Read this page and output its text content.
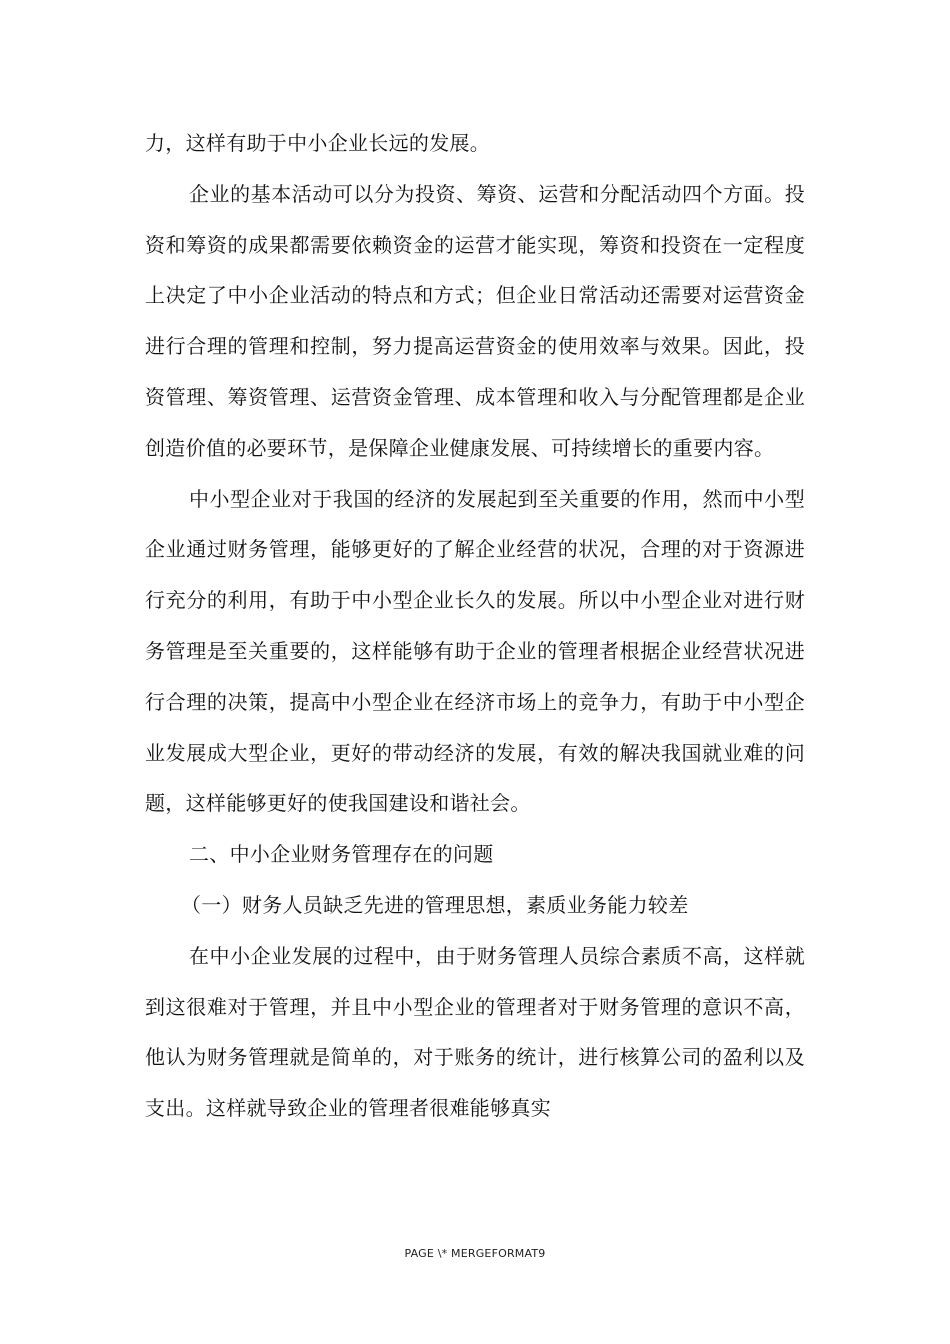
力，这样有助于中小企业长远的发展。

企业的基本活动可以分为投资、筹资、运营和分配活动四个方面。投资和筹资的成果都需要依赖资金的运营才能实现，筹资和投资在一定程度上决定了中小企业活动的特点和方式；但企业日常活动还需要对运营资金进行合理的管理和控制，努力提高运营资金的使用效率与效果。因此，投资管理、筹资管理、运营资金管理、成本管理和收入与分配管理都是企业创造价值的必要环节，是保障企业健康发展、可持续增长的重要内容。

中小型企业对于我国的经济的发展起到至关重要的作用，然而中小型企业通过财务管理，能够更好的了解企业经营的状况，合理的对于资源进行充分的利用，有助于中小型企业长久的发展。所以中小型企业对进行财务管理是至关重要的，这样能够有助于企业的管理者根据企业经营状况进行合理的决策，提高中小型企业在经济市场上的竞争力，有助于中小型企业发展成大型企业，更好的带动经济的发展，有效的解决我国就业难的问题，这样能够更好的使我国建设和谐社会。

二、中小企业财务管理存在的问题

（一）财务人员缺乏先进的管理思想，素质业务能力较差

在中小企业发展的过程中，由于财务管理人员综合素质不高，这样就到这很难对于管理，并且中小型企业的管理者对于财务管理的意识不高，他认为财务管理就是简单的，对于账务的统计，进行核算公司的盈利以及支出。这样就导致企业的管理者很难能够真实

PAGE \* MERGEFORMAT9
